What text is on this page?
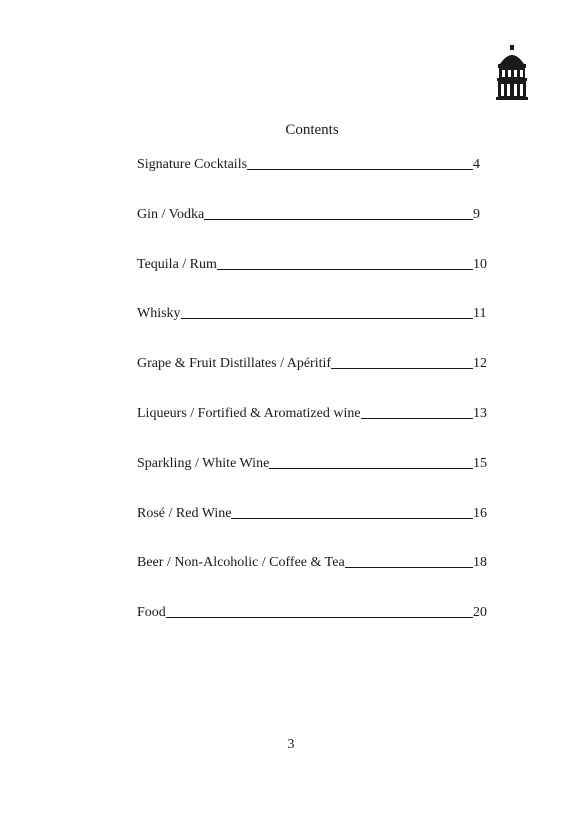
Contents
Signature Cocktails	4
Gin / Vodka	9
Tequila / Rum	10
Whisky	11
Grape & Fruit Distillates / Apéritif	12
Liqueurs / Fortified & Aromatized wine	13
Sparkling / White Wine	15
Rosé / Red Wine	16
Beer / Non-Alcoholic / Coffee & Tea	18
Food	20
3
